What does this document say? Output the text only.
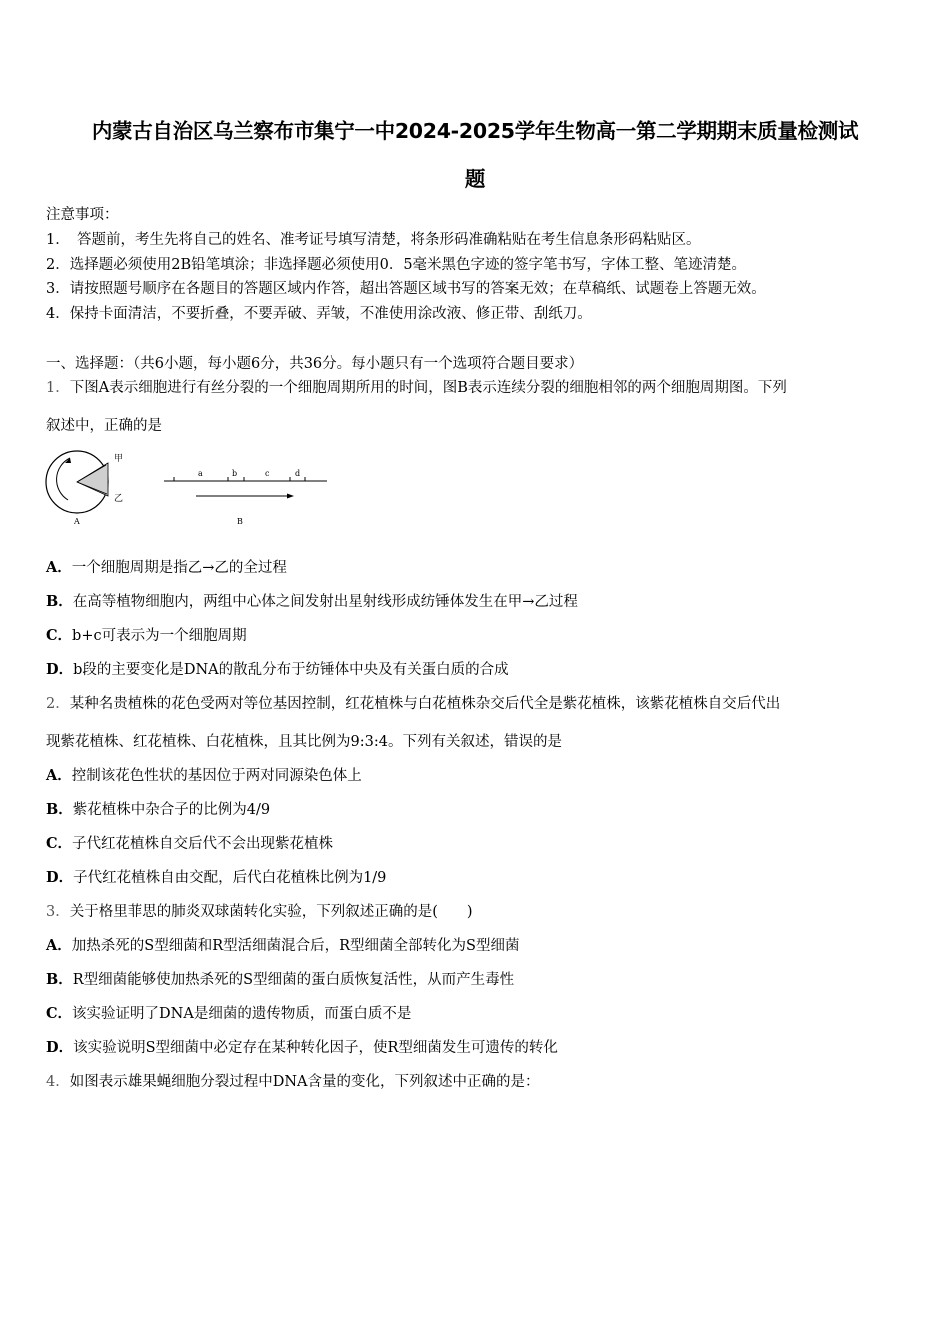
内蒙古自治区乌兰察布市集宁一中2024-2025学年生物高一第二学期期末质量检测试
题
注意事项：
1．　答题前，考生先将自己的姓名、准考证号填写清楚，将条形码准确粘贴在考生信息条形码粘贴区。
2．选择题必须使用2B铅笔填涂；非选择题必须使用0．5毫米黑色字迹的签字笔书写，字体工整、笔迹清楚。
3．请按照题号顺序在各题目的答题区域内作答，超出答题区域书写的答案无效；在草稿纸、试题卷上答题无效。
4．保持卡面清洁，不要折叠，不要弄破、弄皱，不准使用涂改液、修正带、刮纸刀。
一、选择题：（共6小题，每小题6分，共36分。每小题只有一个选项符合题目要求）
1．下图A表示细胞进行有丝分裂的一个细胞周期所用的时间，图B表示连续分裂的细胞相邻的两个细胞周期图。下列
叙述中，正确的是
甲
乙
A
a	b	c	d
B
A．一个细胞周期是指乙→乙的全过程
B．在高等植物细胞内，两组中心体之间发射出星射线形成纺锤体发生在甲→乙过程
C．b+c可表示为一个细胞周期
D．b段的主要变化是DNA的散乱分布于纺锤体中央及有关蛋白质的合成
2．某种名贵植株的花色受两对等位基因控制，红花植株与白花植株杂交后代全是紫花植株，该紫花植株自交后代出
现紫花植株、红花植株、白花植株，且其比例为9:3:4。下列有关叙述，错误的是
A．控制该花色性状的基因位于两对同源染色体上
B．紫花植株中杂合子的比例为4/9
C．子代红花植株自交后代不会出现紫花植株
D．子代红花植株自由交配，后代白花植株比例为1/9
3．关于格里菲思的肺炎双球菌转化实验，下列叙述正确的是(　　)
A．加热杀死的S型细菌和R型活细菌混合后，R型细菌全部转化为S型细菌
B．R型细菌能够使加热杀死的S型细菌的蛋白质恢复活性，从而产生毒性
C．该实验证明了DNA是细菌的遗传物质，而蛋白质不是
D．该实验说明S型细菌中必定存在某种转化因子，使R型细菌发生可遗传的转化
4．如图表示雄果蝇细胞分裂过程中DNA含量的变化，下列叙述中正确的是：
